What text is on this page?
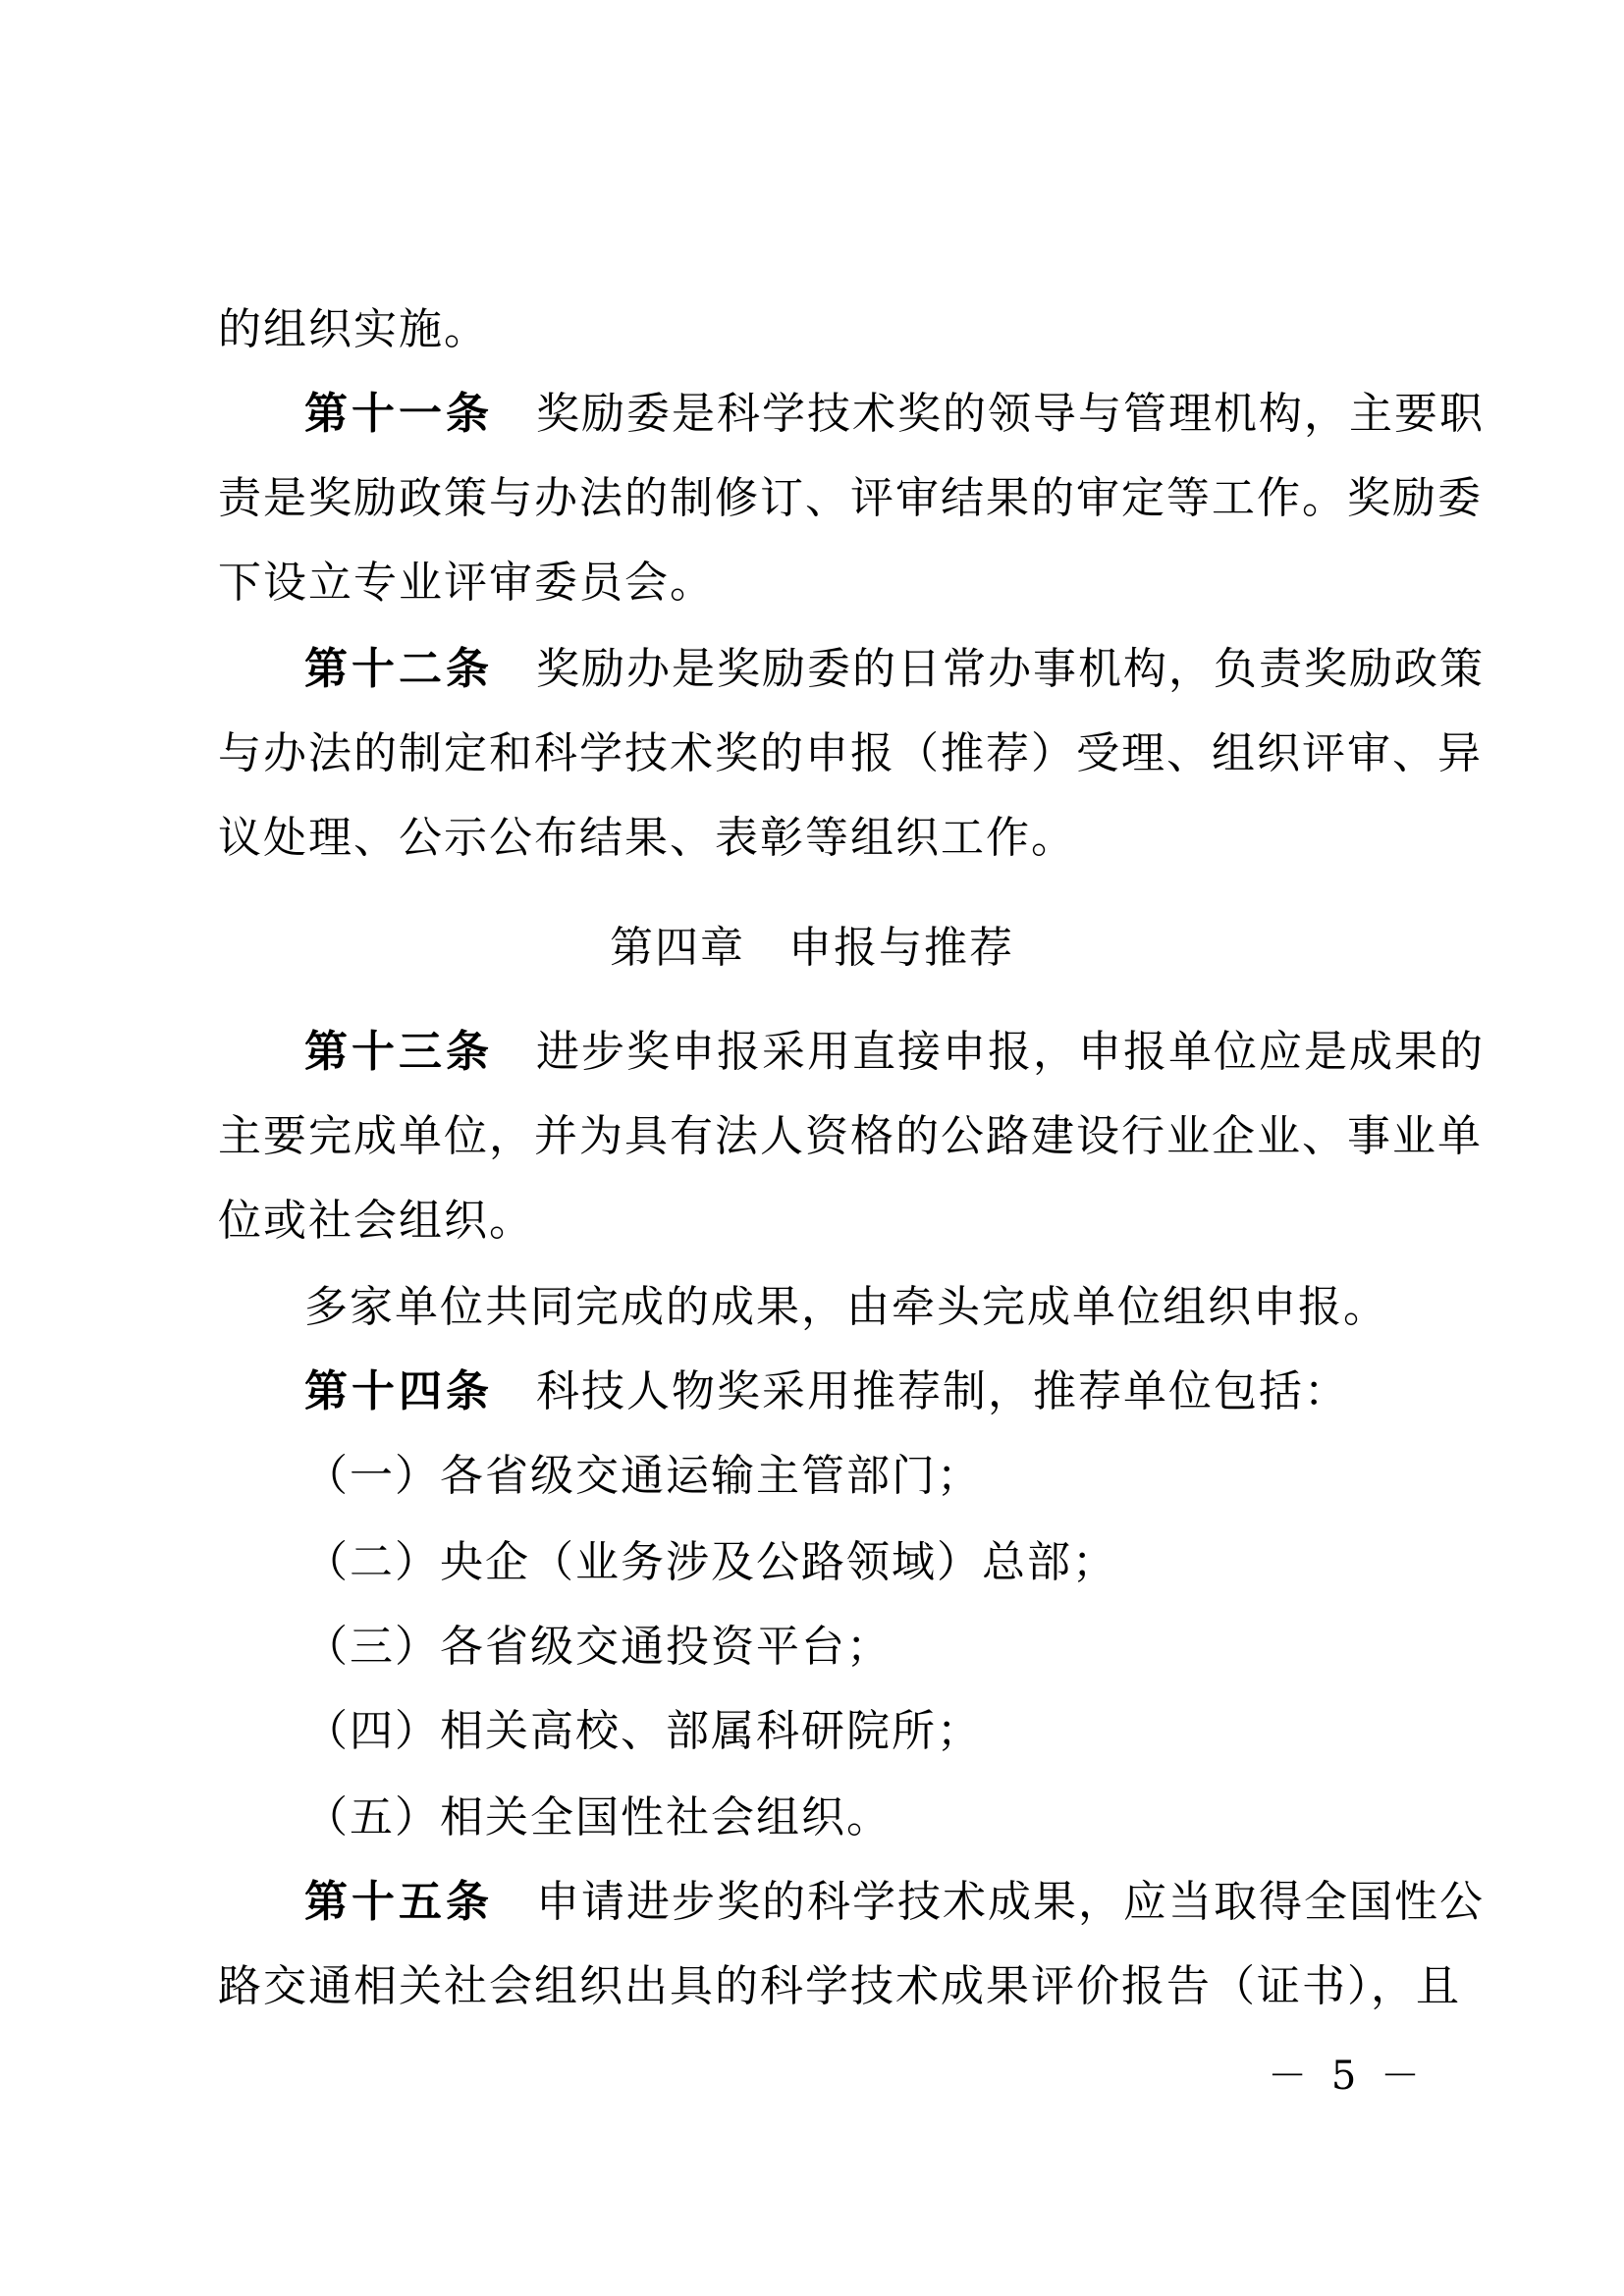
的组织实施。
第十一条 奖励委是科学技术奖的领导与管理机构，主要职
责是奖励政策与办法的制修订、评审结果的审定等工作。奖励委
下设立专业评审委员会。
第十二条 奖励办是奖励委的日常办事机构，负责奖励政策
与办法的制定和科学技术奖的申报（推荐）受理、组织评审、异
议处理、公示公布结果、表彰等组织工作。
第四章 申报与推荐
第十三条 进步奖申报采用直接申报，申报单位应是成果的
主要完成单位，并为具有法人资格的公路建设行业企业、事业单
位或社会组织。
多家单位共同完成的成果，由牵头完成单位组织申报。
第十四条 科技人物奖采用推荐制，推荐单位包括：
（一）各省级交通运输主管部门；
（二）央企（业务涉及公路领域）总部；
（三）各省级交通投资平台；
（四）相关高校、部属科研院所；
（五）相关全国性社会组织。
第十五条 申请进步奖的科学技术成果，应当取得全国性公
路交通相关社会组织出具的科学技术成果评价报告（证书），且
－ 5 －
